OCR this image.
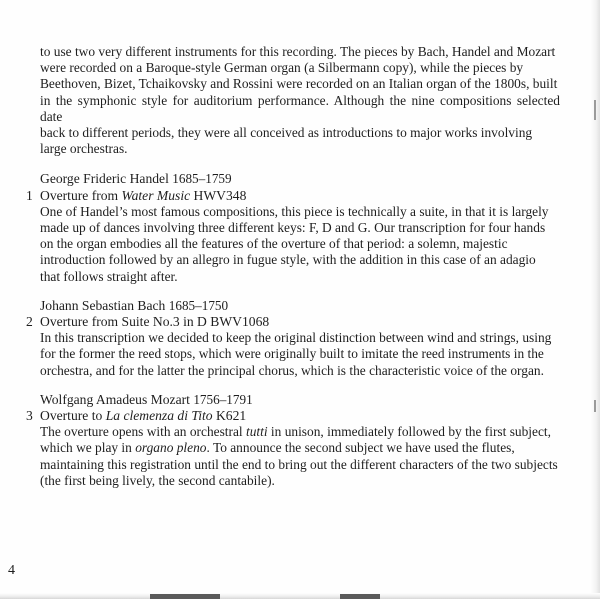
to use two very different instruments for this recording. The pieces by Bach, Handel and Mozart
were recorded on a Baroque-style German organ (a Silbermann copy), while the pieces by
Beethoven, Bizet, Tchaikovsky and Rossini were recorded on an Italian organ of the 1800s, built
in the symphonic style for auditorium performance. Although the nine compositions selected date
back to different periods, they were all conceived as introductions to major works involving
large orchestras.

George Frideric Handel 1685–1759

1 Overture from Water Music HWV348

One of Handel’s most famous compositions, this piece is technically a suite, in that it is largely
made up of dances involving three different keys: F, D and G. Our transcription for four hands
on the organ embodies all the features of the overture of that period: a solemn, majestic
introduction followed by an allegro in fugue style, with the addition in this case of an adagio
that follows straight after.

Johann Sebastian Bach 1685–1750

2 Overture from Suite No.3 in D BWV1068

In this transcription we decided to keep the original distinction between wind and strings, using
for the former the reed stops, which were originally built to imitate the reed instruments in the
orchestra, and for the latter the principal chorus, which is the characteristic voice of the organ.

Wolfgang Amadeus Mozart 1756–1791

3 Overture to La clemenza di Tito K621

The overture opens with an orchestral tutti in unison, immediately followed by the first subject,
which we play in organo pleno. To announce the second subject we have used the flutes,
maintaining this registration until the end to bring out the different characters of the two subjects
(the first being lively, the second cantabile).

4
